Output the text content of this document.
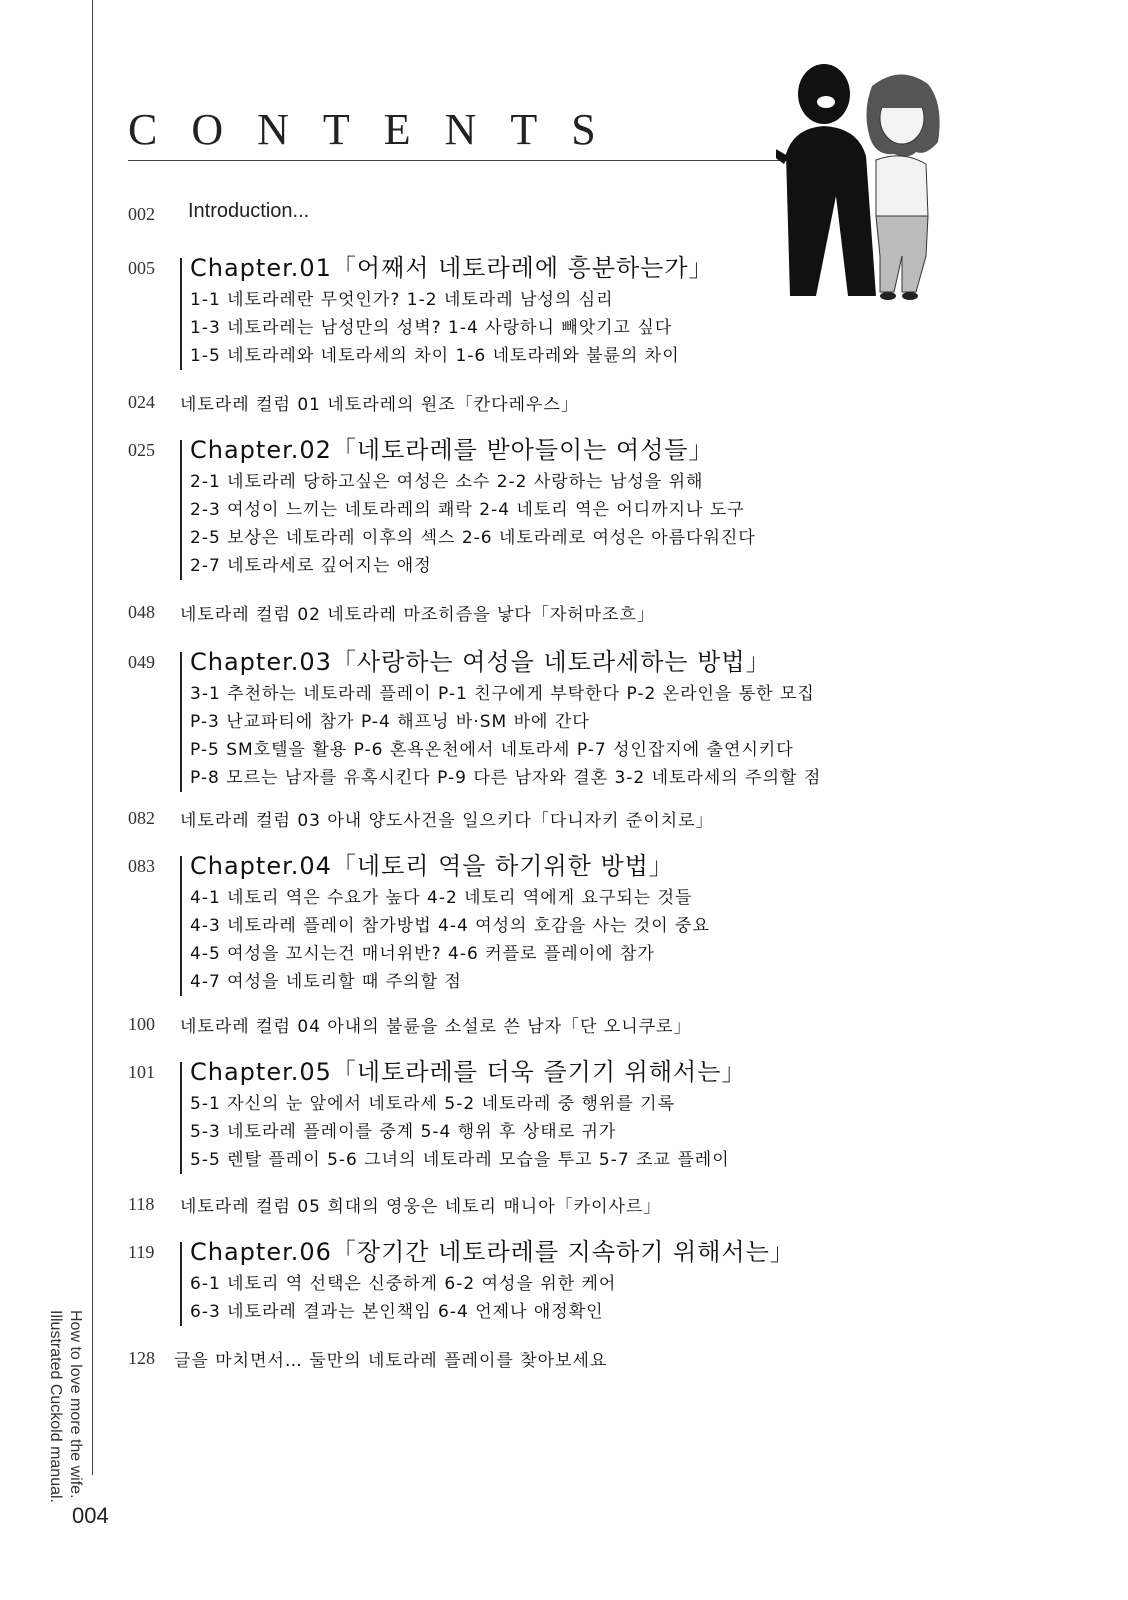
How to love more the wife.
Illustrated Cuckold manual.
004
CONTENTS
002 Introduction...
005 Chapter.01「어째서 네토라레에 흥분하는가」
1-1 네토라레란 무엇인가? 1-2 네토라레 남성의 심리
1-3 네토라레는 남성만의 성벽? 1-4 사랑하니 빼앗기고 싶다
1-5 네토라레와 네토라세의 차이 1-6 네토라레와 불륜의 차이
024 네토라레 컬럼 01 네토라레의 원조「칸다레우스」
025 Chapter.02「네토라레를 받아들이는 여성들」
2-1 네토라레 당하고싶은 여성은 소수 2-2 사랑하는 남성을 위해
2-3 여성이 느끼는 네토라레의 쾌락 2-4 네토리 역은 어디까지나 도구
2-5 보상은 네토라레 이후의 섹스 2-6 네토라레로 여성은 아름다워진다
2-7 네토라세로 깊어지는 애정
048 네토라레 컬럼 02 네토라레 마조히즘을 낳다「자허마조흐」
049 Chapter.03「사랑하는 여성을 네토라세하는 방법」
3-1 추천하는 네토라레 플레이 P-1 친구에게 부탁한다 P-2 온라인을 통한 모집
P-3 난교파티에 참가 P-4 해프닝 바·SM 바에 간다
P-5 SM호텔을 활용 P-6 혼욕온천에서 네토라세 P-7 성인잡지에 출연시키다
P-8 모르는 남자를 유혹시킨다 P-9 다른 남자와 결혼 3-2 네토라세의 주의할 점
082 네토라레 컬럼 03 아내 양도사건을 일으키다「다니자키 준이치로」
083 Chapter.04「네토리 역을 하기위한 방법」
4-1 네토리 역은 수요가 높다 4-2 네토리 역에게 요구되는 것들
4-3 네토라레 플레이 참가방법 4-4 여성의 호감을 사는 것이 중요
4-5 여성을 꼬시는건 매너위반? 4-6 커플로 플레이에 참가
4-7 여성을 네토리할 때 주의할 점
100 네토라레 컬럼 04 아내의 불륜을 소설로 쓴 남자「단 오니쿠로」
101 Chapter.05「네토라레를 더욱 즐기기 위해서는」
5-1 자신의 눈 앞에서 네토라세 5-2 네토라레 중 행위를 기록
5-3 네토라레 플레이를 중계 5-4 행위 후 상태로 귀가
5-5 렌탈 플레이 5-6 그녀의 네토라레 모습을 투고 5-7 조교 플레이
118 네토라레 컬럼 05 희대의 영웅은 네토리 매니아「카이사르」
119 Chapter.06「장기간 네토라레를 지속하기 위해서는」
6-1 네토리 역 선택은 신중하게 6-2 여성을 위한 케어
6-3 네토라레 결과는 본인책임 6-4 언제나 애정확인
128 글을 마치면서… 둘만의 네토라레 플레이를 찾아보세요
